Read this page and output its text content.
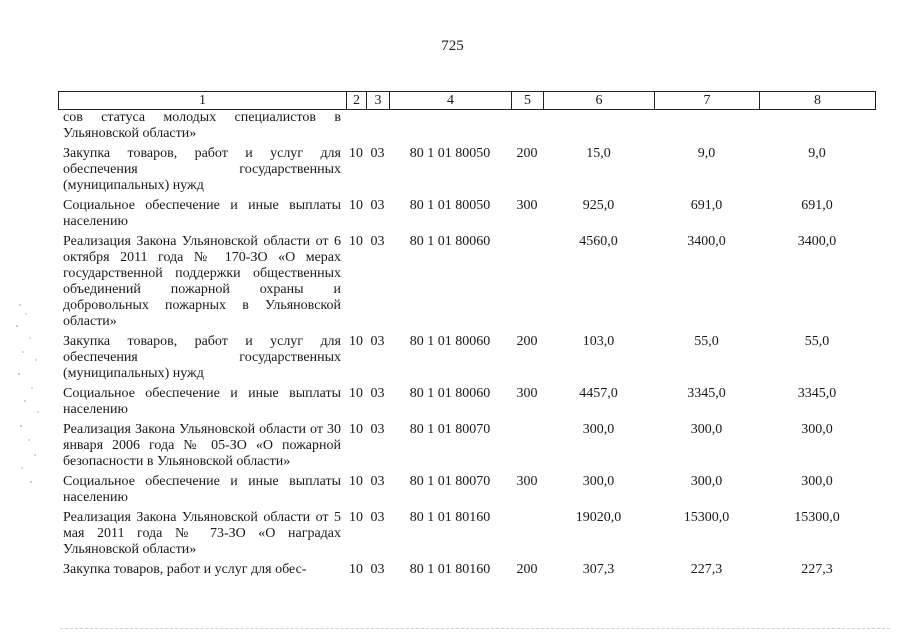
725
1	2	3	4	5	6	7	8
сов статуса молодых специалистов в Ульяновской области»							
Закупка товаров, работ и услуг для обеспечения государственных (муниципальных) нужд	10	03	80 1 01 80050	200	15,0	9,0	9,0
Социальное обеспечение и иные выплаты населению	10	03	80 1 01 80050	300	925,0	691,0	691,0
Реализация Закона Ульяновской области от 6 октября 2011 года № 170-ЗО «О мерах государственной поддержки общественных объединений пожарной охраны и добровольных пожарных в Ульяновской области»	10	03	80 1 01 80060		4560,0	3400,0	3400,0
Закупка товаров, работ и услуг для обеспечения государственных (муниципальных) нужд	10	03	80 1 01 80060	200	103,0	55,0	55,0
Социальное обеспечение и иные выплаты населению	10	03	80 1 01 80060	300	4457,0	3345,0	3345,0
Реализация Закона Ульяновской области от 30 января 2006 года № 05-ЗО «О пожарной безопасности в Ульяновской области»	10	03	80 1 01 80070		300,0	300,0	300,0
Социальное обеспечение и иные выплаты населению	10	03	80 1 01 80070	300	300,0	300,0	300,0
Реализация Закона Ульяновской области от 5 мая 2011 года № 73-ЗО «О наградах Ульяновской области»	10	03	80 1 01 80160		19020,0	15300,0	15300,0
Закупка товаров, работ и услуг для обес-	10	03	80 1 01 80160	200	307,3	227,3	227,3
